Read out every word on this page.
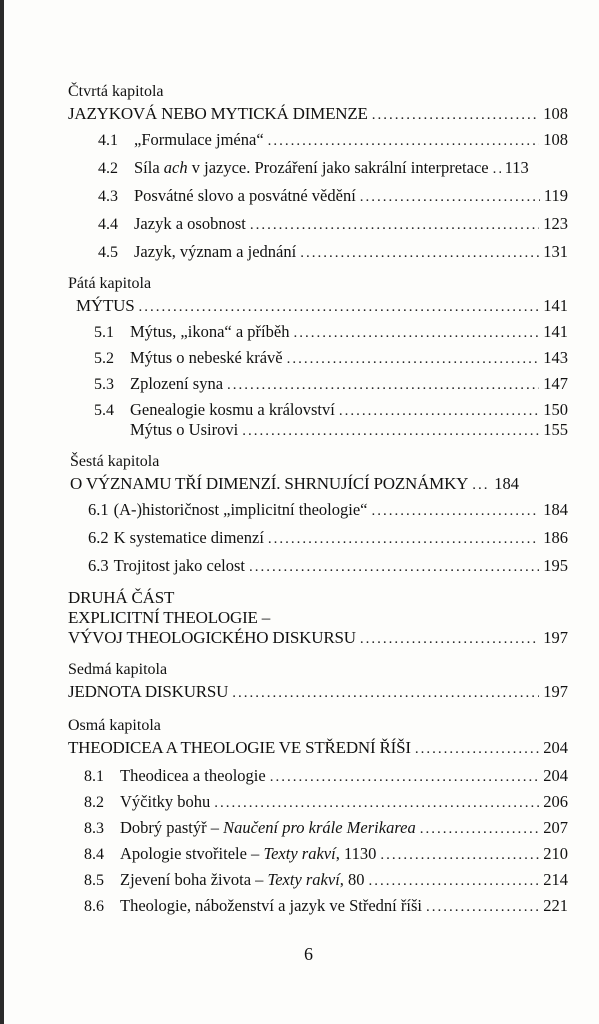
Čtvrtá kapitola
JAZYKOVÁ NEBO MYTICKÁ DIMENZE .....	108
4.1 „Formulace jména“ .....	108
4.2 Síla ach v jazyce. Prozáření jako sakrální interpretace ..... 113
4.3 Posvátné slovo a posvátné vědění .....	119
4.4 Jazyk a osobnost .....	123
4.5 Jazyk, význam a jednání .....	131
Pátá kapitola
MÝTUS .....	141
5.1 Mýtus, „ikona“ a příběh .....	141
5.2 Mýtus o nebeské krávě .....	143
5.3 Zplození syna .....	147
5.4 Genealogie kosmu a království .....	150
Mýtus o Usirovi .....	155
Šestá kapitola
O VÝZNAMU TŘÍ DIMENZÍ. SHRNUJÍCÍ POZNÁMKY ..... 184
6.1 (A-)historičnost „implicitní theologie“ .....	184
6.2 K systematice dimenzí .....	186
6.3 Trojitost jako celost .....	195
DRUHÁ ČÁST
EXPLICITNÍ THEOLOGIE –
VÝVOJ THEOLOGICKÉHO DISKURSU .....	197
Sedmá kapitola
JEDNOTA DISKURSU .....	197
Osmá kapitola
THEODICEA A THEOLOGIE VE STŘEDNÍ ŘÍŠI .....	204
8.1 Theodicea a theologie .....	204
8.2 Výčitky bohu .....	206
8.3 Dobrý pastýř – Naučení pro krále Merikarea .....	207
8.4 Apologie stvořitele – Texty rakví, 1130 .....	210
8.5 Zjevení boha života – Texty rakví, 80 .....	214
8.6 Theologie, náboženství a jazyk ve Střední říši .....	221
6
